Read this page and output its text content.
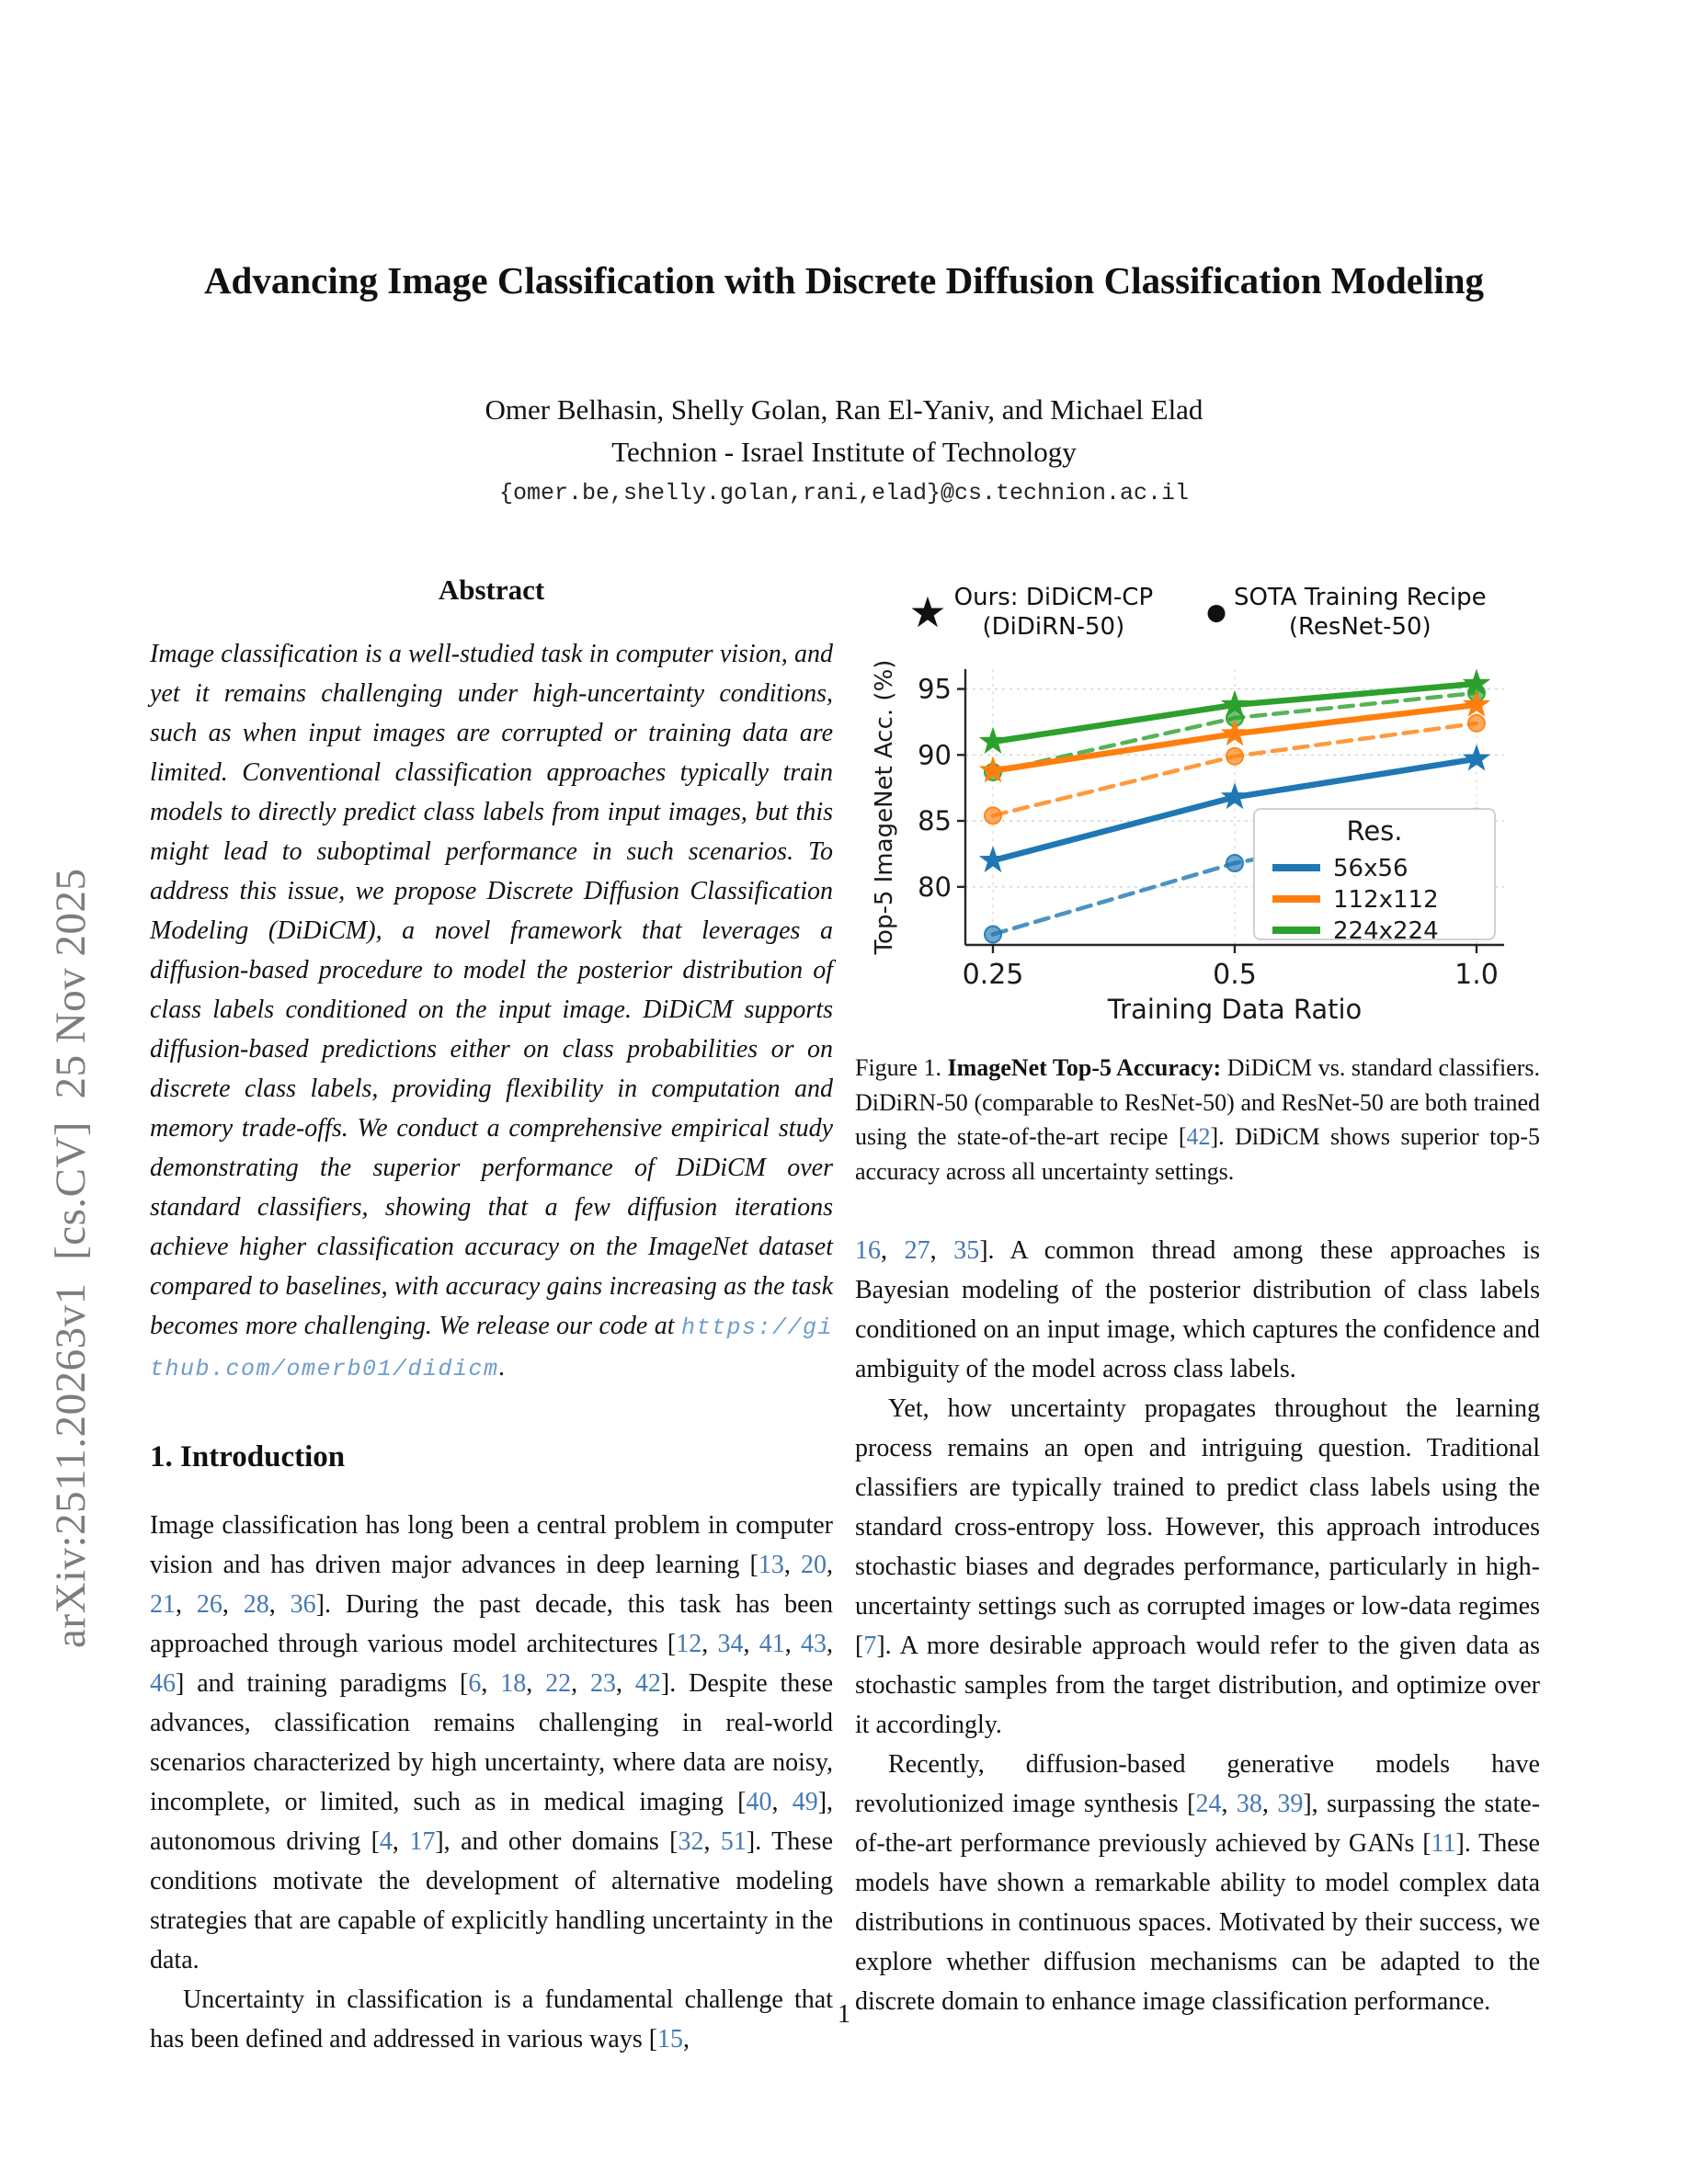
arXiv:2511.20263v1  [cs.CV]  25 Nov 2025
Advancing Image Classification with Discrete Diffusion Classification Modeling
Omer Belhasin, Shelly Golan, Ran El-Yaniv, and Michael Elad
Technion - Israel Institute of Technology
{omer.be,shelly.golan,rani,elad}@cs.technion.ac.il
Abstract

Image classification is a well-studied task in computer vision, and yet it remains challenging under high-uncertainty conditions, such as when input images are corrupted or training data are limited. Conventional classification approaches typically train models to directly predict class labels from input images, but this might lead to suboptimal performance in such scenarios. To address this issue, we propose Discrete Diffusion Classification Modeling (DiDiCM), a novel framework that leverages a diffusion-based procedure to model the posterior distribution of class labels conditioned on the input image. DiDiCM supports diffusion-based predictions either on class probabilities or on discrete class labels, providing flexibility in computation and memory trade-offs. We conduct a comprehensive empirical study demonstrating the superior performance of DiDiCM over standard classifiers, showing that a few diffusion iterations achieve higher classification accuracy on the ImageNet dataset compared to baselines, with accuracy gains increasing as the task becomes more challenging. We release our code at https://github.com/omerb01/didicm.

1. Introduction

Image classification has long been a central problem in computer vision and has driven major advances in deep learning [13, 20, 21, 26, 28, 36]. During the past decade, this task has been approached through various model architectures [12, 34, 41, 43, 46] and training paradigms [6, 18, 22, 23, 42]. Despite these advances, classification remains challenging in real-world scenarios characterized by high uncertainty, where data are noisy, incomplete, or limited, such as in medical imaging [40, 49], autonomous driving [4, 17], and other domains [32, 51]. These conditions motivate the development of alternative modeling strategies that are capable of explicitly handling uncertainty in the data.

Uncertainty in classification is a fundamental challenge that has been defined and addressed in various ways [15,

★ Ours: DiDiCM-CP
(DiDiRN-50)
●
SOTA Training Recipe
(ResNet-50)
80
85
90
95
0.25	0.5	1.0
Training Data Ratio
Top-5 ImageNet Acc. (%)	Res.
56x56
112x112
224x224
Figure 1. ImageNet Top-5 Accuracy: DiDiCM vs. standard classifiers. DiDiRN-50 (comparable to ResNet-50) and ResNet-50 are both trained using the state-of-the-art recipe [42]. DiDiCM shows superior top-5 accuracy across all uncertainty settings.

16, 27, 35]. A common thread among these approaches is Bayesian modeling of the posterior distribution of class labels conditioned on an input image, which captures the confidence and ambiguity of the model across class labels.

Yet, how uncertainty propagates throughout the learning process remains an open and intriguing question. Traditional classifiers are typically trained to predict class labels using the standard cross-entropy loss. However, this approach introduces stochastic biases and degrades performance, particularly in high-uncertainty settings such as corrupted images or low-data regimes [7]. A more desirable approach would refer to the given data as stochastic samples from the target distribution, and optimize over it accordingly.

Recently, diffusion-based generative models have revolutionized image synthesis [24, 38, 39], surpassing the state-of-the-art performance previously achieved by GANs [11]. These models have shown a remarkable ability to model complex data distributions in continuous spaces. Motivated by their success, we explore whether diffusion mechanisms can be adapted to the discrete domain to enhance image classification performance.

1
